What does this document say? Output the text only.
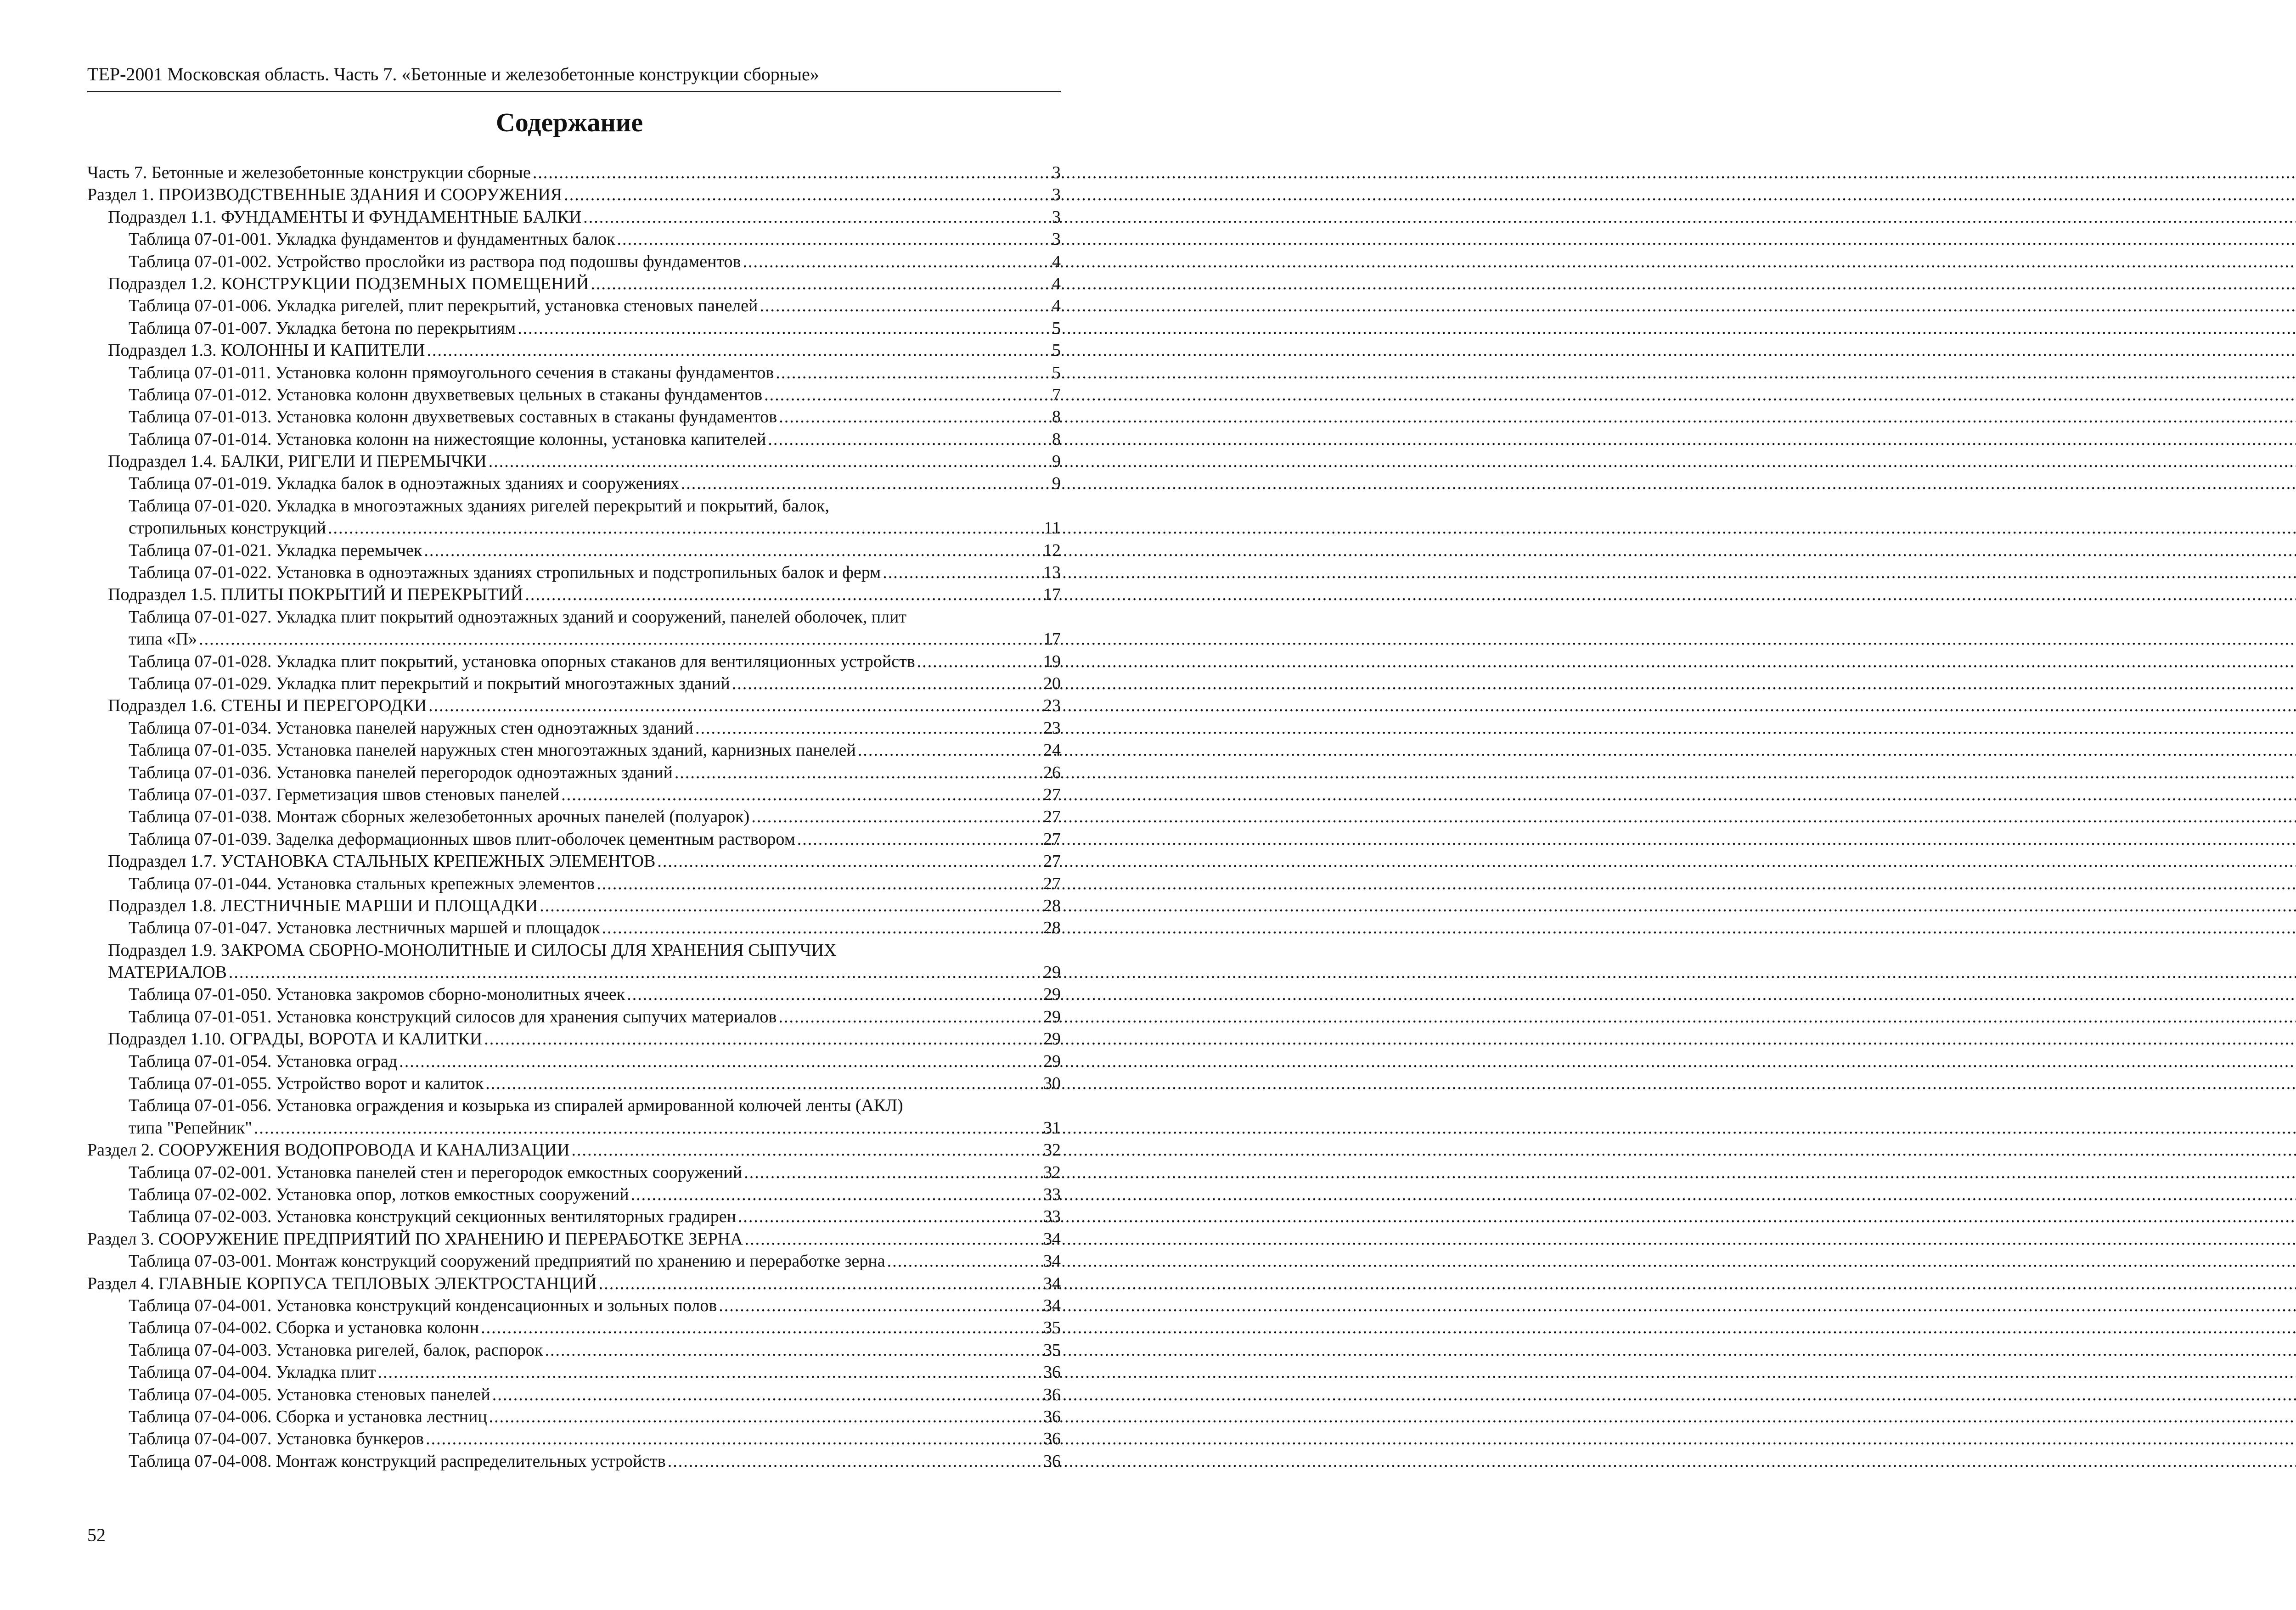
ТЕР-2001 Московская область. Часть 7. «Бетонные и железобетонные конструкции сборные»
Содержание
Часть 7. Бетонные и железобетонные конструкции сборные .....	3
Раздел 1. ПРОИЗВОДСТВЕННЫЕ ЗДАНИЯ И СООРУЖЕНИЯ .....	3
Подраздел 1.1. ФУНДАМЕНТЫ И ФУНДАМЕНТНЫЕ БАЛКИ .....	3
Таблица 07-01-001. Укладка фундаментов и фундаментных балок .....	3
Таблица 07-01-002. Устройство прослойки из раствора под подошвы фундаментов .....	4
Подраздел 1.2. КОНСТРУКЦИИ ПОДЗЕМНЫХ ПОМЕЩЕНИЙ .....	4
Таблица 07-01-006. Укладка ригелей, плит перекрытий, установка стеновых панелей .....	4
Таблица 07-01-007. Укладка бетона по перекрытиям .....	5
Подраздел 1.3. КОЛОННЫ И КАПИТЕЛИ .....	5
Таблица 07-01-011. Установка колонн прямоугольного сечения в стаканы фундаментов .....	5
Таблица 07-01-012. Установка колонн двухветвевых цельных в стаканы фундаментов .....	7
Таблица 07-01-013. Установка колонн двухветвевых составных в стаканы фундаментов .....	8
Таблица 07-01-014. Установка колонн на нижестоящие колонны, установка капителей .....	8
Подраздел 1.4. БАЛКИ, РИГЕЛИ И ПЕРЕМЫЧКИ .....	9
Таблица 07-01-019. Укладка балок в одноэтажных зданиях и сооружениях .....	9
Таблица 07-01-020. Укладка в многоэтажных зданиях ригелей перекрытий и покрытий, балок,
стропильных конструкций .....	11
Таблица 07-01-021. Укладка перемычек .....	12
Таблица 07-01-022. Установка в одноэтажных зданиях стропильных и подстропильных балок и ферм .....	13
Подраздел 1.5. ПЛИТЫ ПОКРЫТИЙ И ПЕРЕКРЫТИЙ .....	17
Таблица 07-01-027. Укладка плит покрытий одноэтажных зданий и сооружений, панелей оболочек, плит
типа «П» .....	17
Таблица 07-01-028. Укладка плит покрытий, установка опорных стаканов для вентиляционных устройств .....	19
Таблица 07-01-029. Укладка плит перекрытий и покрытий многоэтажных зданий .....	20
Подраздел 1.6. СТЕНЫ И ПЕРЕГОРОДКИ .....	23
Таблица 07-01-034. Установка панелей наружных стен одноэтажных зданий .....	23
Таблица 07-01-035. Установка панелей наружных стен многоэтажных зданий, карнизных панелей .....	24
Таблица 07-01-036. Установка панелей перегородок одноэтажных зданий .....	26
Таблица 07-01-037. Герметизация швов стеновых панелей .....	27
Таблица 07-01-038. Монтаж сборных железобетонных арочных панелей (полуарок) .....	27
Таблица 07-01-039. Заделка деформационных швов плит-оболочек цементным раствором .....	27
Подраздел 1.7. УСТАНОВКА СТАЛЬНЫХ КРЕПЕЖНЫХ ЭЛЕМЕНТОВ .....	27
Таблица 07-01-044. Установка стальных крепежных элементов .....	27
Подраздел 1.8. ЛЕСТНИЧНЫЕ МАРШИ И ПЛОЩАДКИ .....	28
Таблица 07-01-047. Установка лестничных маршей и площадок .....	28
Подраздел 1.9. ЗАКРОМА СБОРНО-МОНОЛИТНЫЕ И СИЛОСЫ ДЛЯ ХРАНЕНИЯ СЫПУЧИХ
МАТЕРИАЛОВ .....	29
Таблица 07-01-050. Установка закромов сборно-монолитных ячеек .....	29
Таблица 07-01-051. Установка конструкций силосов для хранения сыпучих материалов .....	29
Подраздел 1.10. ОГРАДЫ, ВОРОТА И КАЛИТКИ .....	29
Таблица 07-01-054. Установка оград .....	29
Таблица 07-01-055. Устройство ворот и калиток .....	30
Таблица 07-01-056. Установка ограждения и козырька из спиралей армированной колючей ленты (АКЛ)
типа "Репейник" .....	31
Раздел 2. СООРУЖЕНИЯ ВОДОПРОВОДА И КАНАЛИЗАЦИИ .....	32
Таблица 07-02-001. Установка панелей стен и перегородок емкостных сооружений .....	32
Таблица 07-02-002. Установка опор, лотков емкостных сооружений .....	33
Таблица 07-02-003. Установка конструкций секционных вентиляторных градирен .....	33
Раздел 3. СООРУЖЕНИЕ ПРЕДПРИЯТИЙ ПО ХРАНЕНИЮ И ПЕРЕРАБОТКЕ ЗЕРНА .....	34
Таблица 07-03-001. Монтаж конструкций сооружений предприятий по хранению и переработке зерна .....	34
Раздел 4. ГЛАВНЫЕ КОРПУСА ТЕПЛОВЫХ ЭЛЕКТРОСТАНЦИЙ .....	34
Таблица 07-04-001. Установка конструкций конденсационных и зольных полов .....	34
Таблица 07-04-002. Сборка и установка колонн .....	35
Таблица 07-04-003. Установка ригелей, балок, распорок .....	35
Таблица 07-04-004. Укладка плит .....	36
Таблица 07-04-005. Установка стеновых панелей .....	36
Таблица 07-04-006. Сборка и установка лестниц .....	36
Таблица 07-04-007. Установка бункеров .....	36
Таблица 07-04-008. Монтаж конструкций распределительных устройств .....	36
52
